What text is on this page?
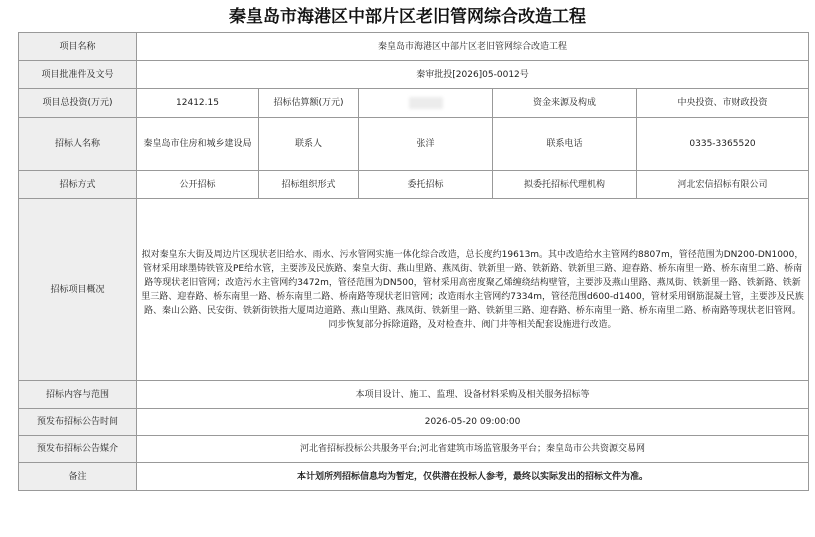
秦皇岛市海港区中部片区老旧管网综合改造工程
项目名称	秦皇岛市海港区中部片区老旧管网综合改造工程				
项目批准件及文号	秦审批投[2026]05-0012号				
项目总投资(万元)	12412.15	招标估算额(万元)		资金来源及构成	中央投资、市财政投资
招标人名称	秦皇岛市住房和城乡建设局	联系人	张洋	联系电话	0335-3365520
招标方式	公开招标	招标组织形式	委托招标	拟委托招标代理机构	河北宏信招标有限公司
招标项目概况	拟对秦皇东大街及周边片区现状老旧给水、雨水、污水管网实施一体化综合改造，总长度约19613m。其中改造给水主管网约8807m，管径范围为DN200-DN1000，管材采用球墨铸铁管及PE给水管，主要涉及民族路、秦皇大街、燕山里路、燕凤街、铁新里一路、铁新路、铁新里三路、迎春路、桥东南里一路、桥东南里二路、桥南路等现状老旧管网；改造污水主管网约3472m，管径范围为DN500，管材采用高密度聚乙烯缠绕结构壁管，主要涉及燕山里路、燕凤街、铁新里一路、铁新路、铁新里三路、迎春路、桥东南里一路、桥东南里二路、桥南路等现状老旧管网；改造雨水主管网约7334m，管径范围d600-d1400，管材采用钢筋混凝土管，主要涉及民族路、秦山公路、民安街、铁新街铁指大厦周边道路、燕山里路、燕凤街、铁新里一路、铁新里三路、迎春路、桥东南里一路、桥东南里二路、桥南路等现状老旧管网。同步恢复部分拆除道路，及对检查井、阀门井等相关配套设施进行改造。				
招标内容与范围	本项目设计、施工、监理、设备材料采购及相关服务招标等				
预发布招标公告时间	2026-05-20 09:00:00				
预发布招标公告媒介	河北省招标投标公共服务平台;河北省建筑市场监管服务平台；秦皇岛市公共资源交易网				
备注	本计划所列招标信息均为暂定，仅供潜在投标人参考，最终以实际发出的招标文件为准。				
